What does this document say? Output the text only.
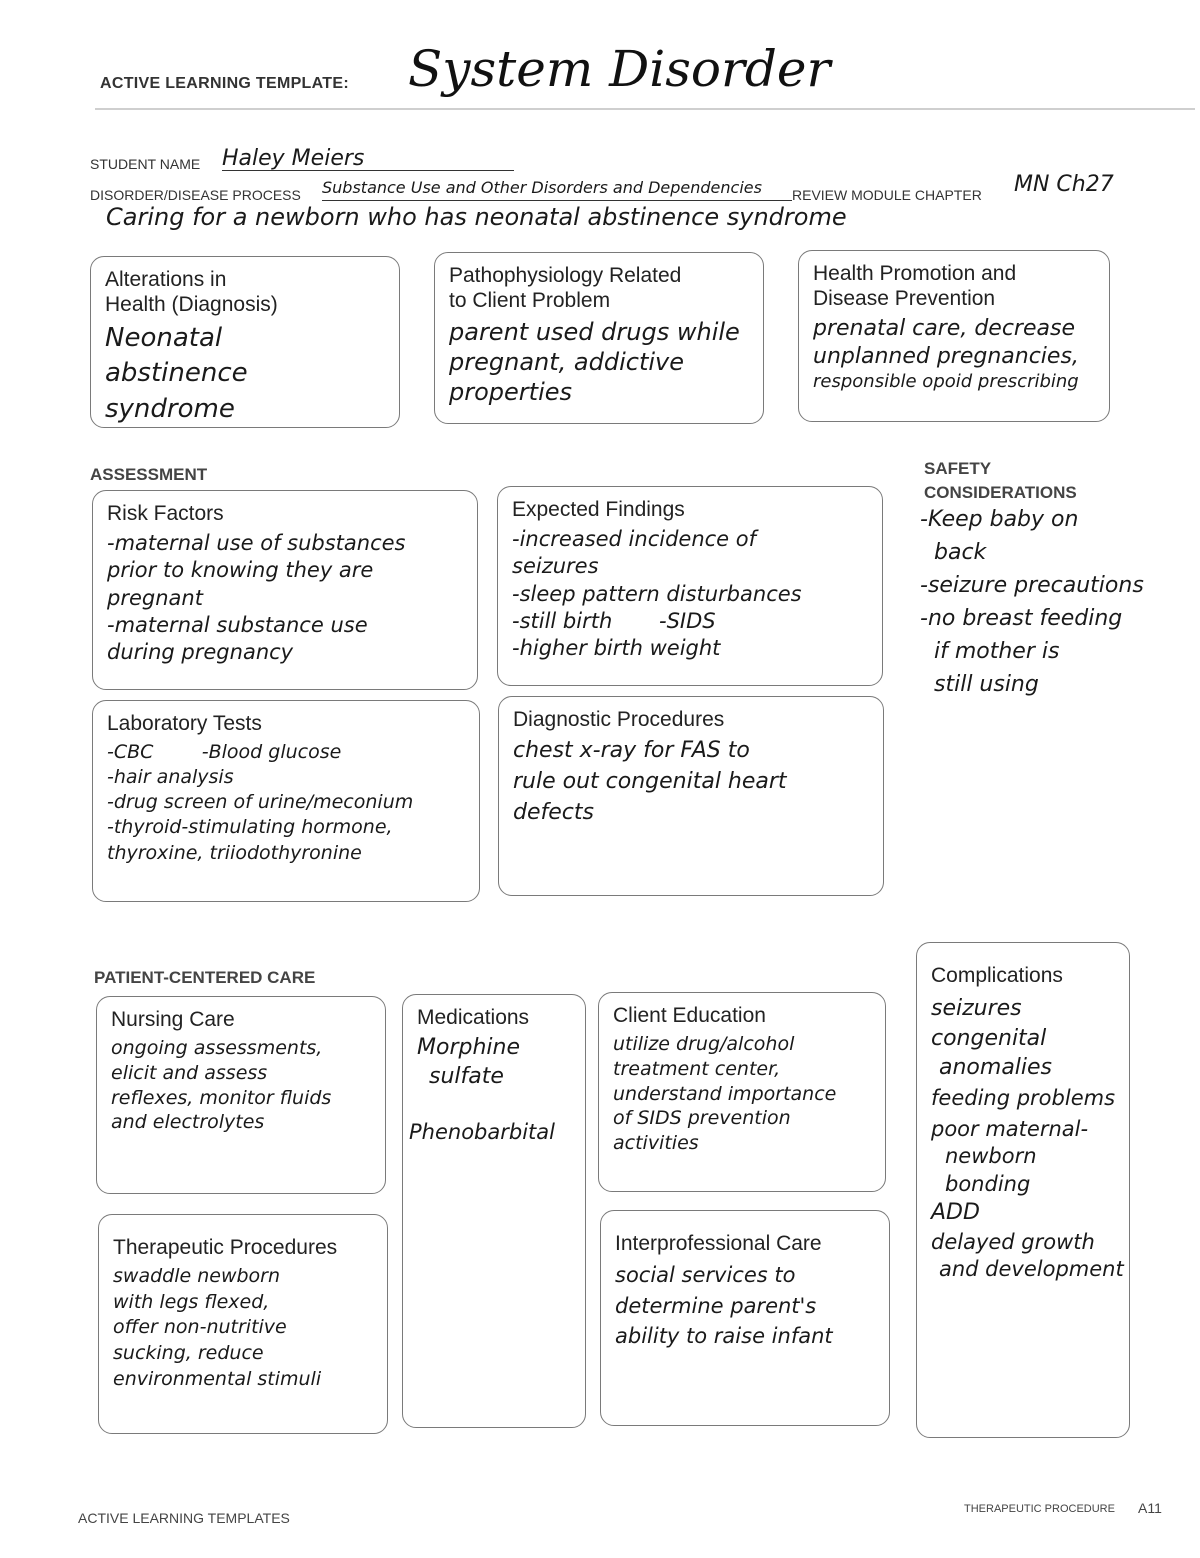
ACTIVE LEARNING TEMPLATE: System Disorder
STUDENT NAME Haley Meiers
DISORDER/DISEASE PROCESS Substance Use and Other Disorders and Dependencies	REVIEW MODULE CHAPTER MN Ch27
Caring for a newborn who has neonatal abstinence syndrome
Alterations in
Health (Diagnosis)
Neonatal
abstinence syndrome
Pathophysiology Related
to Client Problem
parent used drugs while
pregnant, addictive
properties
Health Promotion and
Disease Prevention
prenatal care, decrease
unplanned pregnancies,
responsible opoid prescribing
ASSESSMENT
Risk Factors
-maternal use of substances
prior to knowing they are
pregnant
-maternal substance use
during pregnancy
Expected Findings
-increased incidence of
seizures
-sleep pattern disturbances
-still birth       -SIDS
-higher birth weight
Laboratory Tests
-CBC        -Blood glucose
-hair analysis
-drug screen of urine/meconium
-thyroid-stimulating hormone,
thyroxine, triiodothyronine
Diagnostic Procedures
chest x-ray for FAS to
rule out congenital heart
defects
SAFETY
CONSIDERATIONS
-Keep baby on
back
-seizure precautions
-no breast feeding
if mother is
still using
PATIENT-CENTERED CARE
Nursing Care
ongoing assessments,
elicit and assess
reflexes, monitor fluids
and electrolytes
Medications
Morphine
sulfate
Phenobarbital
Client Education
utilize drug/alcohol
treatment center,
understand importance
of SIDS prevention
activities
Therapeutic Procedures
swaddle newborn
with legs flexed,
offer non-nutritive
sucking, reduce
environmental stimuli
Interprofessional Care
social services to
determine parent's
ability to raise infant
Complications
seizures
congenital
anomalies
feeding problems
poor maternal-
newborn
bonding
ADD
delayed growth
and development
ACTIVE LEARNING TEMPLATES
THERAPEUTIC PROCEDURE A11
